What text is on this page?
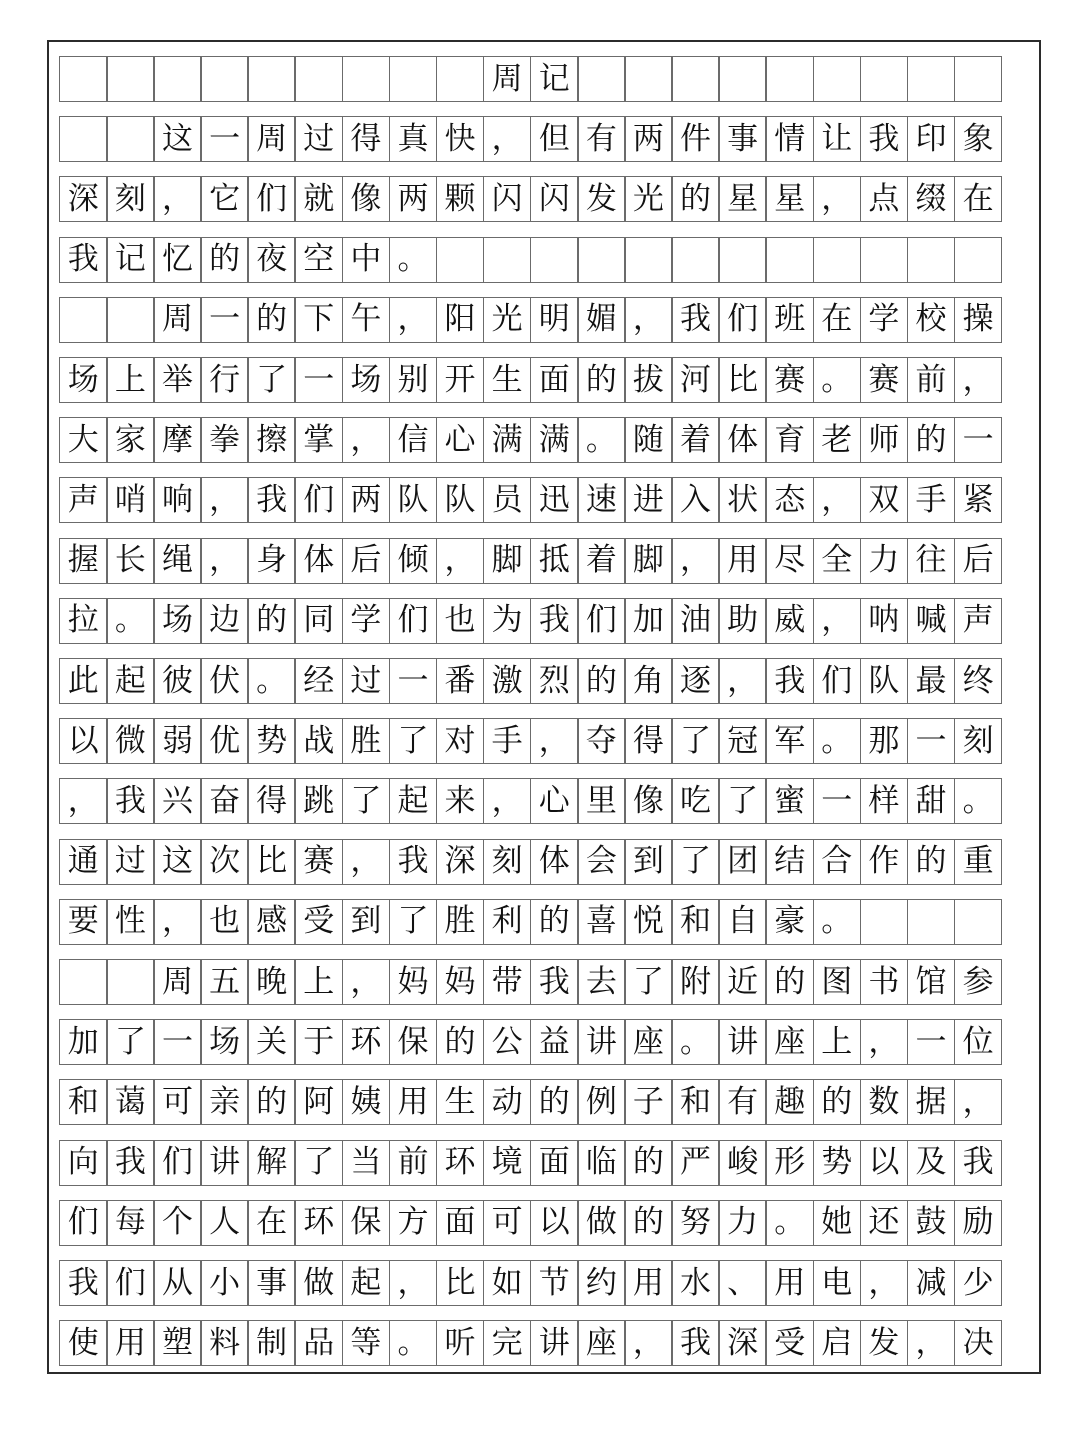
周 记
这 一 周 过 得 真 快 ， 但 有 两 件 事 情 让 我 印 象
深 刻 ， 它 们 就 像 两 颗 闪 闪 发 光 的 星 星 ， 点 缀 在
我 记 忆 的 夜 空 中 。
周 一 的 下 午 ， 阳 光 明 媚 ， 我 们 班 在 学 校 操
场 上 举 行 了 一 场 别 开 生 面 的 拔 河 比 赛 。 赛 前 ，
大 家 摩 拳 擦 掌 ， 信 心 满 满 。 随 着 体 育 老 师 的 一
声 哨 响 ， 我 们 两 队 队 员 迅 速 进 入 状 态 ， 双 手 紧
握 长 绳 ， 身 体 后 倾 ， 脚 抵 着 脚 ， 用 尽 全 力 往 后
拉 。 场 边 的 同 学 们 也 为 我 们 加 油 助 威 ， 呐 喊 声
此 起 彼 伏 。 经 过 一 番 激 烈 的 角 逐 ， 我 们 队 最 终
以 微 弱 优 势 战 胜 了 对 手 ， 夺 得 了 冠 军 。 那 一 刻
， 我 兴 奋 得 跳 了 起 来 ， 心 里 像 吃 了 蜜 一 样 甜 。
通 过 这 次 比 赛 ， 我 深 刻 体 会 到 了 团 结 合 作 的 重
要 性 ， 也 感 受 到 了 胜 利 的 喜 悦 和 自 豪 。
周 五 晚 上 ， 妈 妈 带 我 去 了 附 近 的 图 书 馆 参
加 了 一 场 关 于 环 保 的 公 益 讲 座 。 讲 座 上 ， 一 位
和 蔼 可 亲 的 阿 姨 用 生 动 的 例 子 和 有 趣 的 数 据 ，
向 我 们 讲 解 了 当 前 环 境 面 临 的 严 峻 形 势 以 及 我
们 每 个 人 在 环 保 方 面 可 以 做 的 努 力 。 她 还 鼓 励
我 们 从 小 事 做 起 ， 比 如 节 约 用 水 、 用 电 ， 减 少
使 用 塑 料 制 品 等 。 听 完 讲 座 ， 我 深 受 启 发 ， 决
